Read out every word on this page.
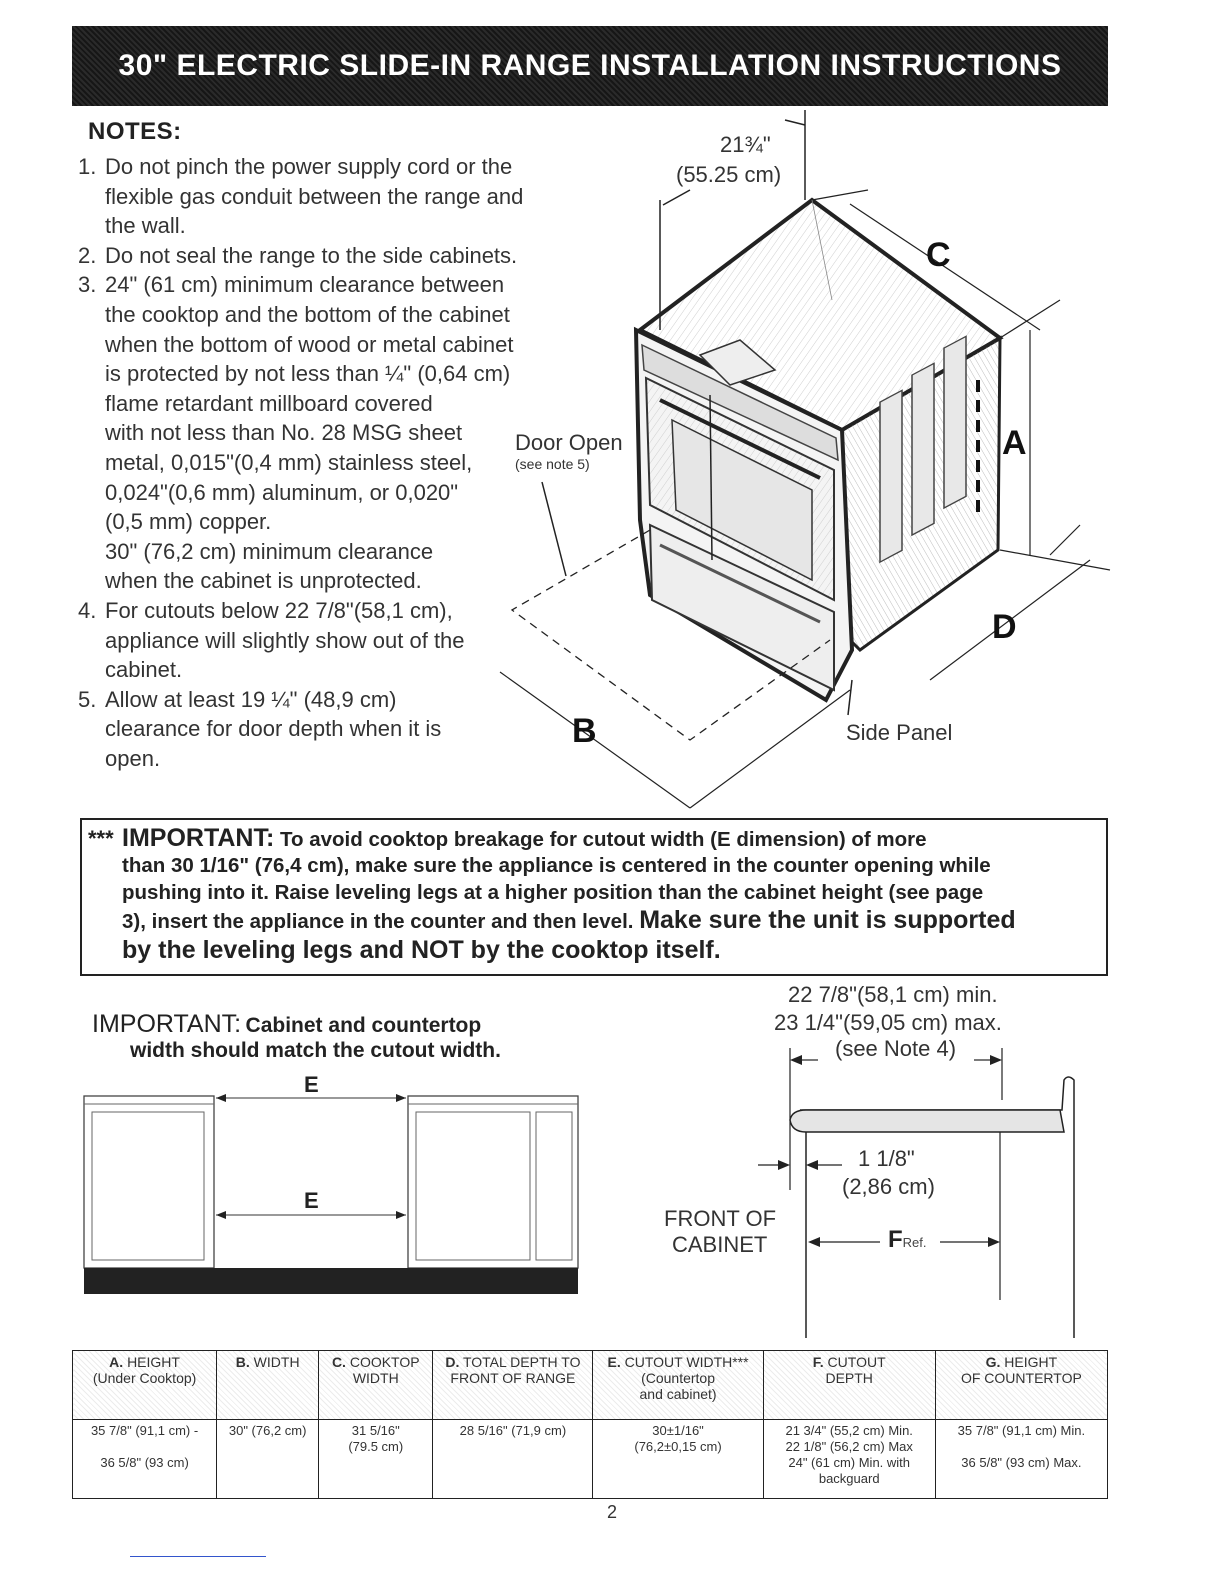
30" ELECTRIC SLIDE-IN RANGE INSTALLATION INSTRUCTIONS
NOTES:
1. Do not pinch the power supply cord or the
flexible gas conduit between the range and
the wall.
2. Do not seal the range to the side cabinets.
3. 24" (61 cm) minimum clearance between
the cooktop and the bottom of the cabinet
when the bottom of wood or metal cabinet
is protected by not less than ¼" (0,64 cm)
flame retardant millboard covered
with not less than No. 28 MSG sheet
metal, 0,015"(0,4 mm) stainless steel,
0,024"(0,6 mm) aluminum, or 0,020"
(0,5 mm) copper.
30" (76,2 cm) minimum clearance
when the cabinet is unprotected.
4. For cutouts below 22 7/8"(58,1 cm),
appliance will slightly show out of the
cabinet.
5. Allow at least 19 ¼" (48,9 cm)
clearance for door depth when it is
open.
21¾"
(55.25 cm)
Door Open
(see note 5)
Side Panel
A
B
C
D
*** IMPORTANT: To avoid cooktop breakage for cutout width (E dimension) of more
than 30 1/16" (76,4 cm), make sure the appliance is centered in the counter opening while
pushing into it. Raise leveling legs at a higher position than the cabinet height (see page
3), insert the appliance in the counter and then level. Make sure the unit is supported
by the leveling legs and NOT by the cooktop itself.
IMPORTANT: Cabinet and countertop
width should match the cutout width.
E
E
22 7/8"(58,1 cm) min.
23 1/4"(59,05 cm) max.
(see Note 4)
1 1/8"
(2,86 cm)
FRONT OF
CABINET	FRef.
A. HEIGHT
(Under Cooktop)	B. WIDTH	C. COOKTOP
WIDTH	D. TOTAL DEPTH TO
FRONT OF RANGE	E. CUTOUT WIDTH***
(Countertop
and cabinet)	F. CUTOUT
DEPTH	G. HEIGHT
OF COUNTERTOP
35 7/8" (91,1 cm) -

36 5/8" (93 cm)	30" (76,2 cm)	31 5/16"
(79.5 cm)	28 5/16" (71,9 cm)	30±1/16"
(76,2±0,15 cm)	21 3/4" (55,2 cm) Min.
22 1/8" (56,2 cm) Max
24" (61 cm) Min. with
backguard	35 7/8" (91,1 cm) Min.

36 5/8" (93 cm) Max.
2
